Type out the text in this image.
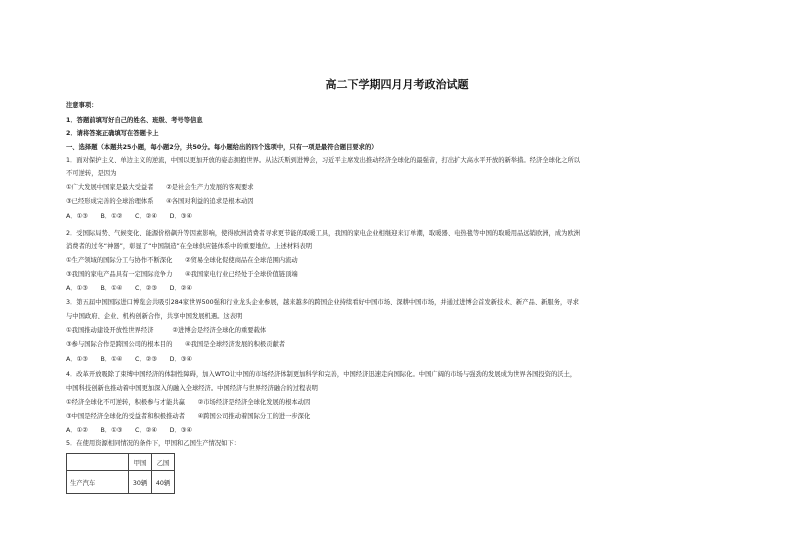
高二下学期四月月考政治试题
注意事项：
1．答题前填写好自己的姓名、班级、考号等信息
2．请将答案正确填写在答题卡上
一、选择题（本题共25小题，每小题2分，共50分。每小题给出的四个选项中，只有一项是最符合题目要求的）
1．面对保护主义、单边主义的逆流，中国以更加开放的姿态拥抱世界。从达沃斯到进博会，习近平主席发出推动经济全球化的最强音，打出扩大高水平开放的新举措。经济全球化之所以
不可逆转，是因为
①广大发展中国家是最大受益者　　②是社会生产力发展的客观要求
③已经形成完善的全球治理体系　　④各国对利益的追求是根本动因
A．①③　　B．①②　　C．②④　　D．③④
2．受国际局势、气候变化、能源价格飙升等因素影响，使得欧洲消费者寻求更节能的取暖工具，我国的家电企业相继迎来订单潮，取暖器、电热毯等中国的取暖用品远销欧洲，成为欧洲
消费者的过冬“神器”，彰显了“中国制造”在全球供应链体系中的重要地位。上述材料表明
①生产领域的国际分工与协作不断深化　　②贸易全球化促使商品在全球范围内流动
③我国的家电产品具有一定国际竞争力　　④我国家电行业已经处于全球价值链顶端
A．①③　　B．①④　　C．②③　　D．②④
3．第五届中国国际进口博览会共吸引284家世界500强和行业龙头企业参展，越来越多的跨国企业持续看好中国市场、深耕中国市场，并通过进博会首发新技术、新产品、新服务，寻求
与中国政府、企业、机构创新合作，共享中国发展机遇。这表明
①我国推动建设开放性世界经济　　　②进博会是经济全球化的重要载体
③参与国际合作是跨国公司的根本目的　　④我国是全球经济发展的积极贡献者
A．①③　　B．①④　　C．②③　　D．③④
4．改革开放吸除了束缚中国经济的体制性障碍，加入WTO让中国的市场经济体制更加科学和完善，中国经济迅速走向国际化。中国广阔的市场与强劲的发展成为世界各国投资的沃土，
中国科技创新也推动着中国更加深入的融入全球经济。中国经济与世界经济融合的过程表明
①经济全球化不可逆转，积极参与才能共赢　　②市场经济是经济全球化发展的根本动因
③中国是经济全球化的受益者和积极推动者　　④跨国公司推动着国际分工的进一步深化
A．①②　　B．①③　　C．②④　　D．③④
5．在使用资源相同情况的条件下，甲国和乙国生产情况如下：
	甲国	乙国
生产汽车	30辆	40辆
